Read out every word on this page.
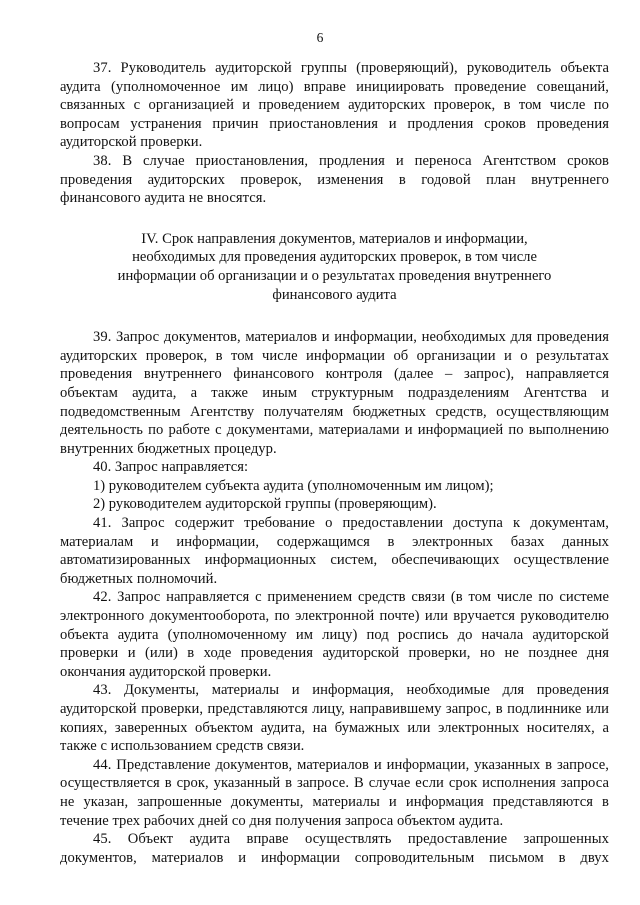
6

37. Руководитель аудиторской группы (проверяющий), руководитель объекта аудита (уполномоченное им лицо) вправе инициировать проведение совещаний, связанных с организацией и проведением аудиторских проверок, в том числе по вопросам устранения причин приостановления и продления сроков проведения аудиторской проверки.

38. В случае приостановления, продления и переноса Агентством сроков проведения аудиторских проверок, изменения в годовой план внутреннего финансового аудита не вносятся.

IV. Срок направления документов, материалов и информации,
необходимых для проведения аудиторских проверок, в том числе
информации об организации и о результатах проведения внутреннего
финансового аудита

39. Запрос документов, материалов и информации, необходимых для проведения аудиторских проверок, в том числе информации об организации и о результатах проведения внутреннего финансового контроля (далее – запрос), направляется объектам аудита, а также иным структурным подразделениям Агентства и подведомственным Агентству получателям бюджетных средств, осуществляющим деятельность по работе с документами, материалами и информацией по выполнению внутренних бюджетных процедур.

40. Запрос направляется:

1) руководителем субъекта аудита (уполномоченным им лицом);

2) руководителем аудиторской группы (проверяющим).

41. Запрос содержит требование о предоставлении доступа к документам, материалам и информации, содержащимся в электронных базах данных автоматизированных информационных систем, обеспечивающих осуществление бюджетных полномочий.

42. Запрос направляется с применением средств связи (в том числе по системе электронного документооборота, по электронной почте) или вручается руководителю объекта аудита (уполномоченному им лицу) под роспись до начала аудиторской проверки и (или) в ходе проведения аудиторской проверки, но не позднее дня окончания аудиторской проверки.

43. Документы, материалы и информация, необходимые для проведения аудиторской проверки, представляются лицу, направившему запрос, в подлиннике или копиях, заверенных объектом аудита, на бумажных или электронных носителях, а также с использованием средств связи.

44. Представление документов, материалов и информации, указанных в запросе, осуществляется в срок, указанный в запросе. В случае если срок исполнения запроса не указан, запрошенные документы, материалы и информация представляются в течение трех рабочих дней со дня получения запроса объектом аудита.

45. Объект аудита вправе осуществлять предоставление запрошенных документов, материалов и информации сопроводительным письмом в двух
